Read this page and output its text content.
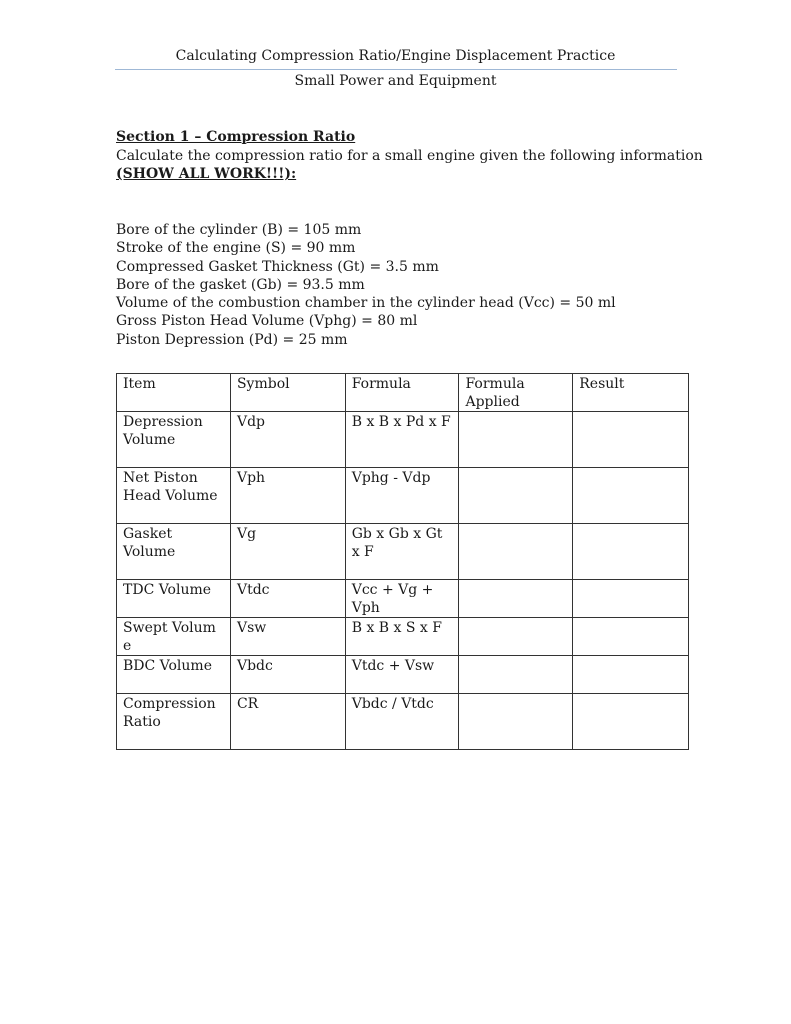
Calculating Compression Ratio/Engine Displacement Practice
Small Power and Equipment
Section 1 – Compression Ratio
Calculate the compression ratio for a small engine given the following information
(SHOW ALL WORK!!!):
Bore of the cylinder (B) = 105 mm
Stroke of the engine (S) = 90 mm
Compressed Gasket Thickness (Gt) = 3.5 mm
Bore of the gasket (Gb) = 93.5 mm
Volume of the combustion chamber in the cylinder head (Vcc) = 50 ml
Gross Piston Head Volume (Vphg) = 80 ml
Piston Depression (Pd) = 25 mm
Item	Symbol	Formula	Formula Applied	Result
Depression Volume	Vdp	B x B x Pd x F		
Net Piston Head Volume	Vph	Vphg - Vdp		
Gasket Volume	Vg	Gb x Gb x Gt x F		
TDC Volume	Vtdc	Vcc + Vg + Vph		
Swept Volum e	Vsw	B x B x S x F		
BDC Volume	Vbdc	Vtdc + Vsw		
Compression Ratio	CR	Vbdc / Vtdc		
